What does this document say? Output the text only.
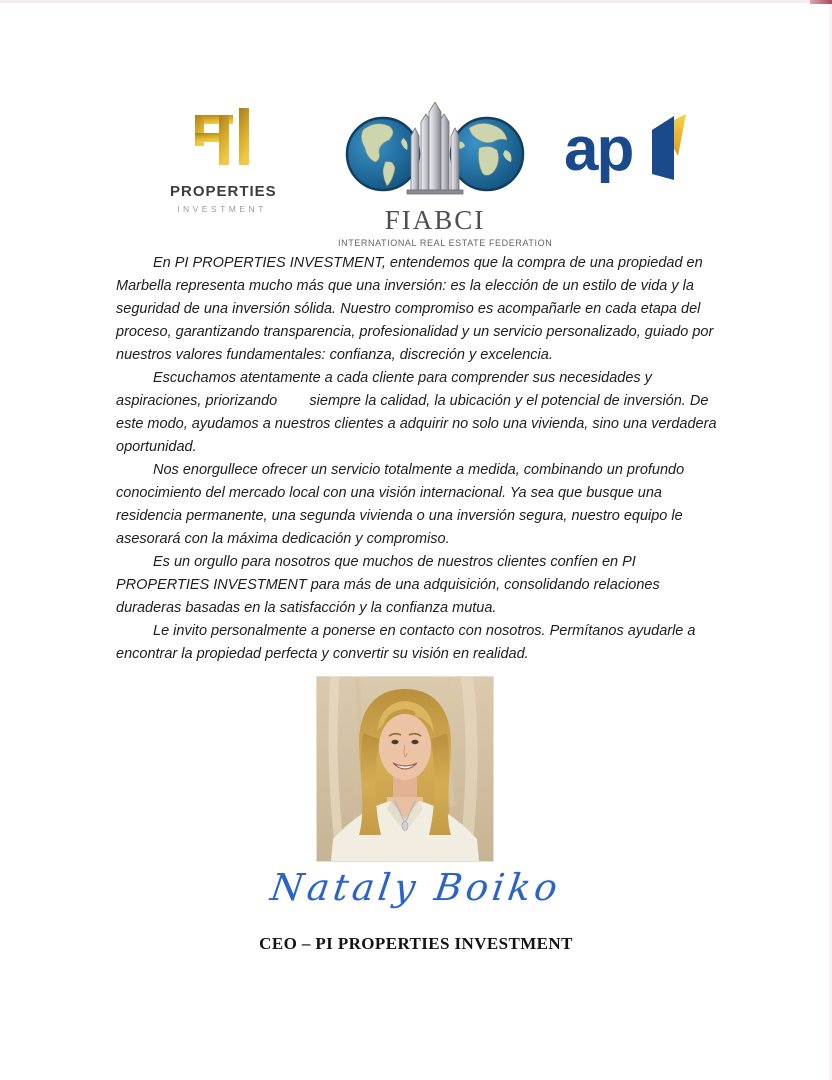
PROPERTIES
INVESTMENT	FIABCI
INTERNATIONAL REAL ESTATE FEDERATION
ap

En PI PROPERTIES INVESTMENT, entendemos que la compra de una propiedad en Marbella representa mucho más que una inversión: es la elección de un estilo de vida y la seguridad de una inversión sólida. Nuestro compromiso es acompañarle en cada etapa del proceso, garantizando transparencia, profesionalidad y un servicio personalizado, guiado por nuestros valores fundamentales: confianza, discreción y excelencia.

Escuchamos atentamente a cada cliente para comprender sus necesidades y aspiraciones, priorizando        siempre la calidad, la ubicación y el potencial de inversión. De este modo, ayudamos a nuestros clientes a adquirir no solo una vivienda, sino una verdadera oportunidad.

Nos enorgullece ofrecer un servicio totalmente a medida, combinando un profundo conocimiento del mercado local con una visión internacional. Ya sea que busque una residencia permanente, una segunda vivienda o una inversión segura, nuestro equipo le asesorará con la máxima dedicación y compromiso.

Es un orgullo para nosotros que muchos de nuestros clientes confíen en PI PROPERTIES INVESTMENT para más de una adquisición, consolidando relaciones duraderas basadas en la satisfacción y la confianza mutua.

Le invito personalmente a ponerse en contacto con nosotros. Permítanos ayudarle a encontrar la propiedad perfecta y convertir su visión en realidad.

Nataly Boiko
CEO – PI PROPERTIES INVESTMENT
